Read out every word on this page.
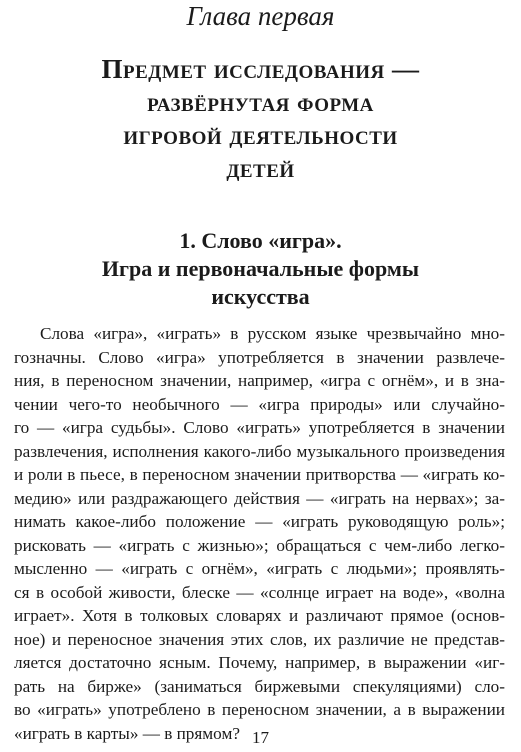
Глава первая
Предмет исследования —
развёрнутая форма
игровой деятельности
детей
1. Слово «игра».
Игра и первоначальные формы
искусства
Слова «игра», «играть» в русском языке чрезвычайно мно-
гозначны. Слово «игра» употребляется в значении развлече-
ния, в переносном значении, например, «игра с огнём», и в зна-
чении чего-то необычного — «игра природы» или случайно-
го — «игра судьбы». Слово «играть» употребляется в значении
развлечения, исполнения какого-либо музыкального произведения
и роли в пьесе, в переносном значении притворства — «играть ко-
медию» или раздражающего действия — «играть на нервах»; за-
нимать какое-либо положение — «играть руководящую роль»;
рисковать — «играть с жизнью»; обращаться с чем-либо легко-
мысленно — «играть с огнём», «играть с людьми»; проявлять-
ся в особой живости, блеске — «солнце играет на воде», «волна
играет». Хотя в толковых словарях и различают прямое (основ-
ное) и переносное значения этих слов, их различие не представ-
ляется достаточно ясным. Почему, например, в выражении «иг-
рать на бирже» (заниматься биржевыми спекуляциями) сло-
во «играть» употреблено в переносном значении, а в выражении
«играть в карты» — в прямом? 17
